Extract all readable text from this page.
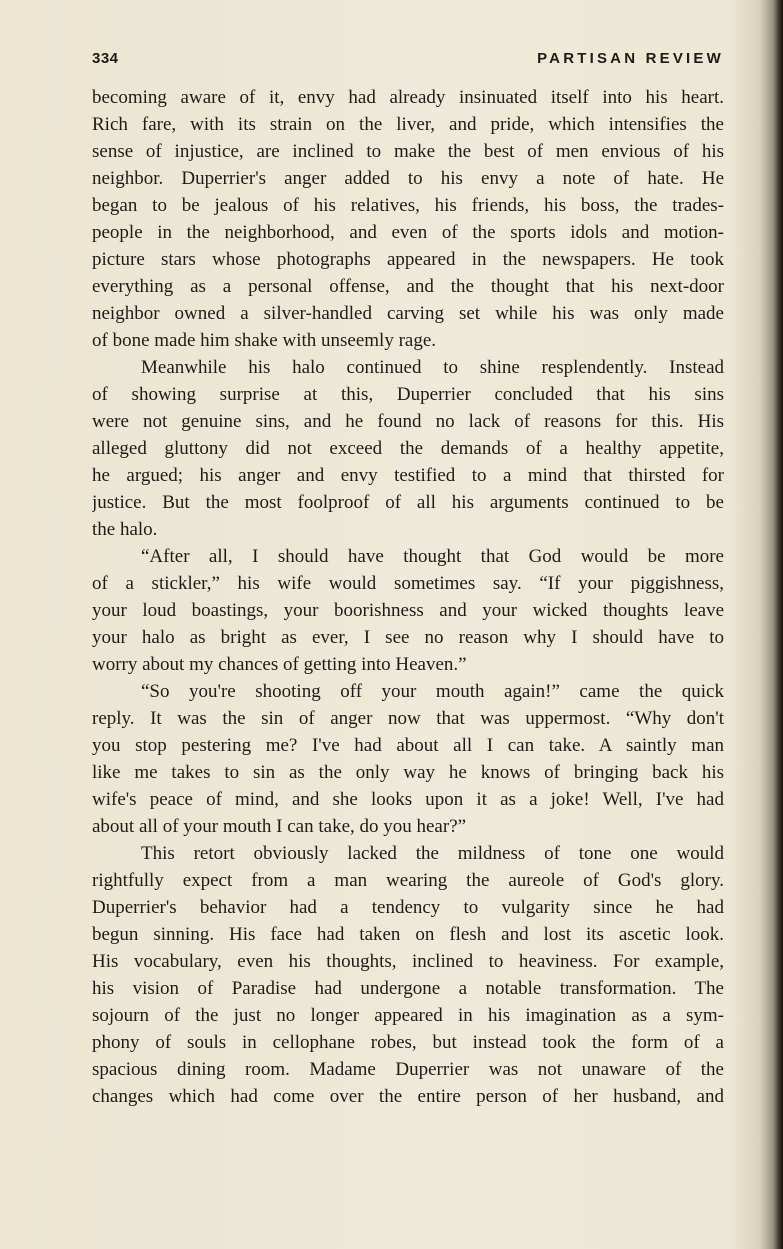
334	PARTISAN REVIEW
becoming aware of it, envy had already insinuated itself into his heart.
Rich fare, with its strain on the liver, and pride, which intensifies the
sense of injustice, are inclined to make the best of men envious of his
neighbor. Duperrier's anger added to his envy a note of hate. He
began to be jealous of his relatives, his friends, his boss, the trades-
people in the neighborhood, and even of the sports idols and motion-
picture stars whose photographs appeared in the newspapers. He took
everything as a personal offense, and the thought that his next-door
neighbor owned a silver-handled carving set while his was only made
of bone made him shake with unseemly rage.
Meanwhile his halo continued to shine resplendently. Instead
of showing surprise at this, Duperrier concluded that his sins
were not genuine sins, and he found no lack of reasons for this. His
alleged gluttony did not exceed the demands of a healthy appetite,
he argued; his anger and envy testified to a mind that thirsted for
justice. But the most foolproof of all his arguments continued to be
the halo.
“After all, I should have thought that God would be more
of a stickler,” his wife would sometimes say. “If your piggishness,
your loud boastings, your boorishness and your wicked thoughts leave
your halo as bright as ever, I see no reason why I should have to
worry about my chances of getting into Heaven.”
“So you're shooting off your mouth again!” came the quick
reply. It was the sin of anger now that was uppermost. “Why don't
you stop pestering me? I've had about all I can take. A saintly man
like me takes to sin as the only way he knows of bringing back his
wife's peace of mind, and she looks upon it as a joke! Well, I've had
about all of your mouth I can take, do you hear?”
This retort obviously lacked the mildness of tone one would
rightfully expect from a man wearing the aureole of God's glory.
Duperrier's behavior had a tendency to vulgarity since he had
begun sinning. His face had taken on flesh and lost its ascetic look.
His vocabulary, even his thoughts, inclined to heaviness. For example,
his vision of Paradise had undergone a notable transformation. The
sojourn of the just no longer appeared in his imagination as a sym-
phony of souls in cellophane robes, but instead took the form of a
spacious dining room. Madame Duperrier was not unaware of the
changes which had come over the entire person of her husband, and
